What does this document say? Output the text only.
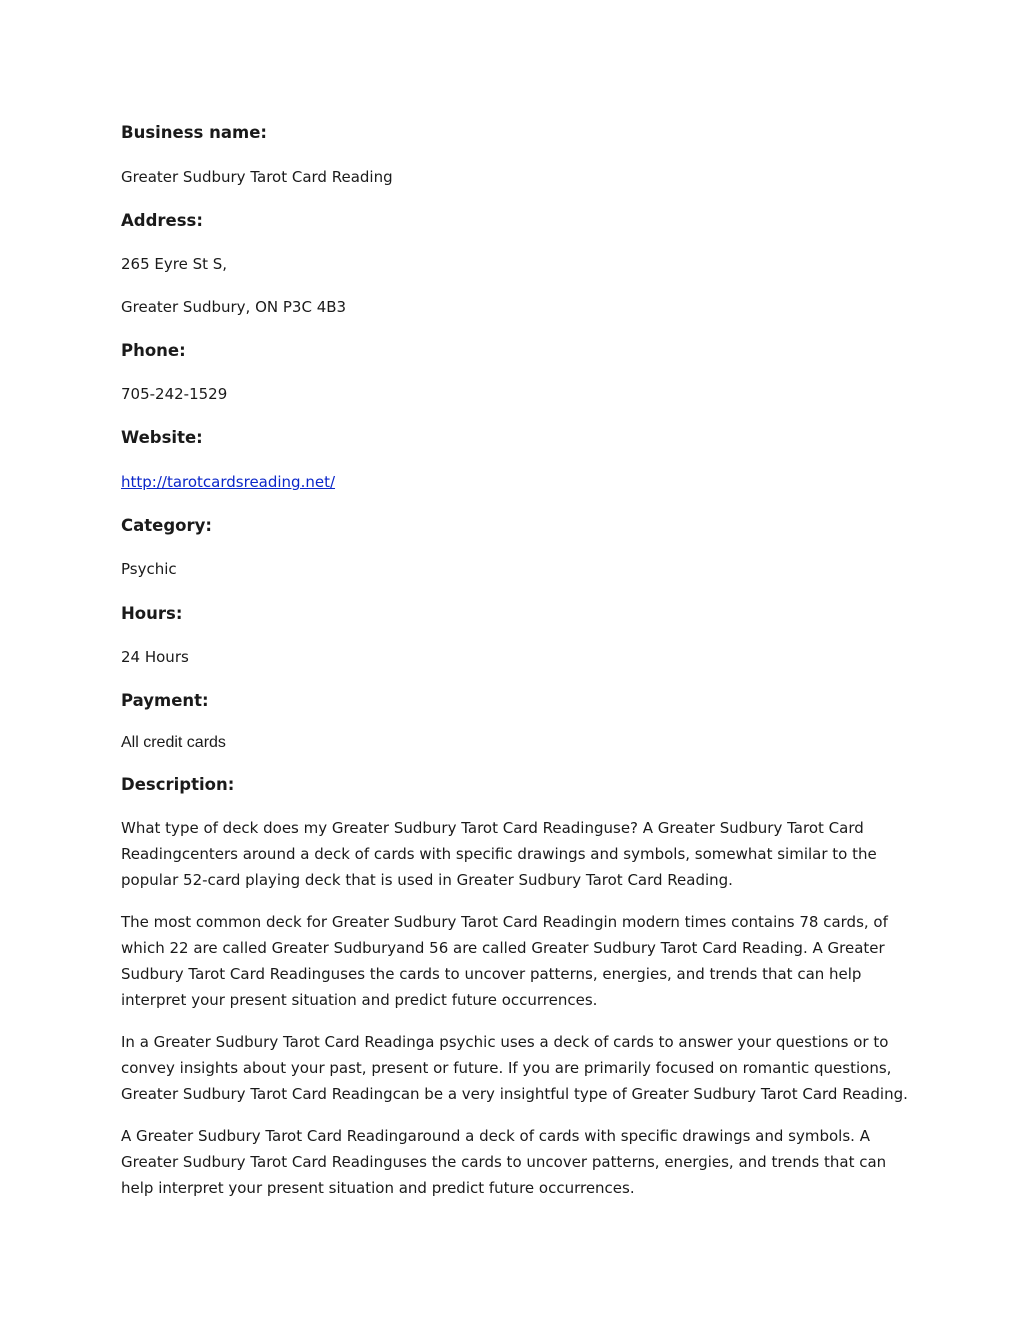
Business name:

Greater Sudbury Tarot Card Reading

Address:

265 Eyre St S,

Greater Sudbury, ON P3C 4B3

Phone:

705-242-1529

Website:

http://tarotcardsreading.net/

Category:

Psychic

Hours:

24 Hours

Payment:

All credit cards

Description:

What type of deck does my Greater Sudbury Tarot Card Readinguse? A Greater Sudbury Tarot Card Readingcenters around a deck of cards with specific drawings and symbols, somewhat similar to the popular 52-card playing deck that is used in Greater Sudbury Tarot Card Reading.

The most common deck for Greater Sudbury Tarot Card Readingin modern times contains 78 cards, of which 22 are called Greater Sudburyand 56 are called Greater Sudbury Tarot Card Reading. A Greater Sudbury Tarot Card Readinguses the cards to uncover patterns, energies, and trends that can help interpret your present situation and predict future occurrences.

In a Greater Sudbury Tarot Card Readinga psychic uses a deck of cards to answer your questions or to convey insights about your past, present or future. If you are primarily focused on romantic questions, Greater Sudbury Tarot Card Readingcan be a very insightful type of Greater Sudbury Tarot Card Reading.

A Greater Sudbury Tarot Card Readingaround a deck of cards with specific drawings and symbols. A Greater Sudbury Tarot Card Readinguses the cards to uncover patterns, energies, and trends that can help interpret your present situation and predict future occurrences.
